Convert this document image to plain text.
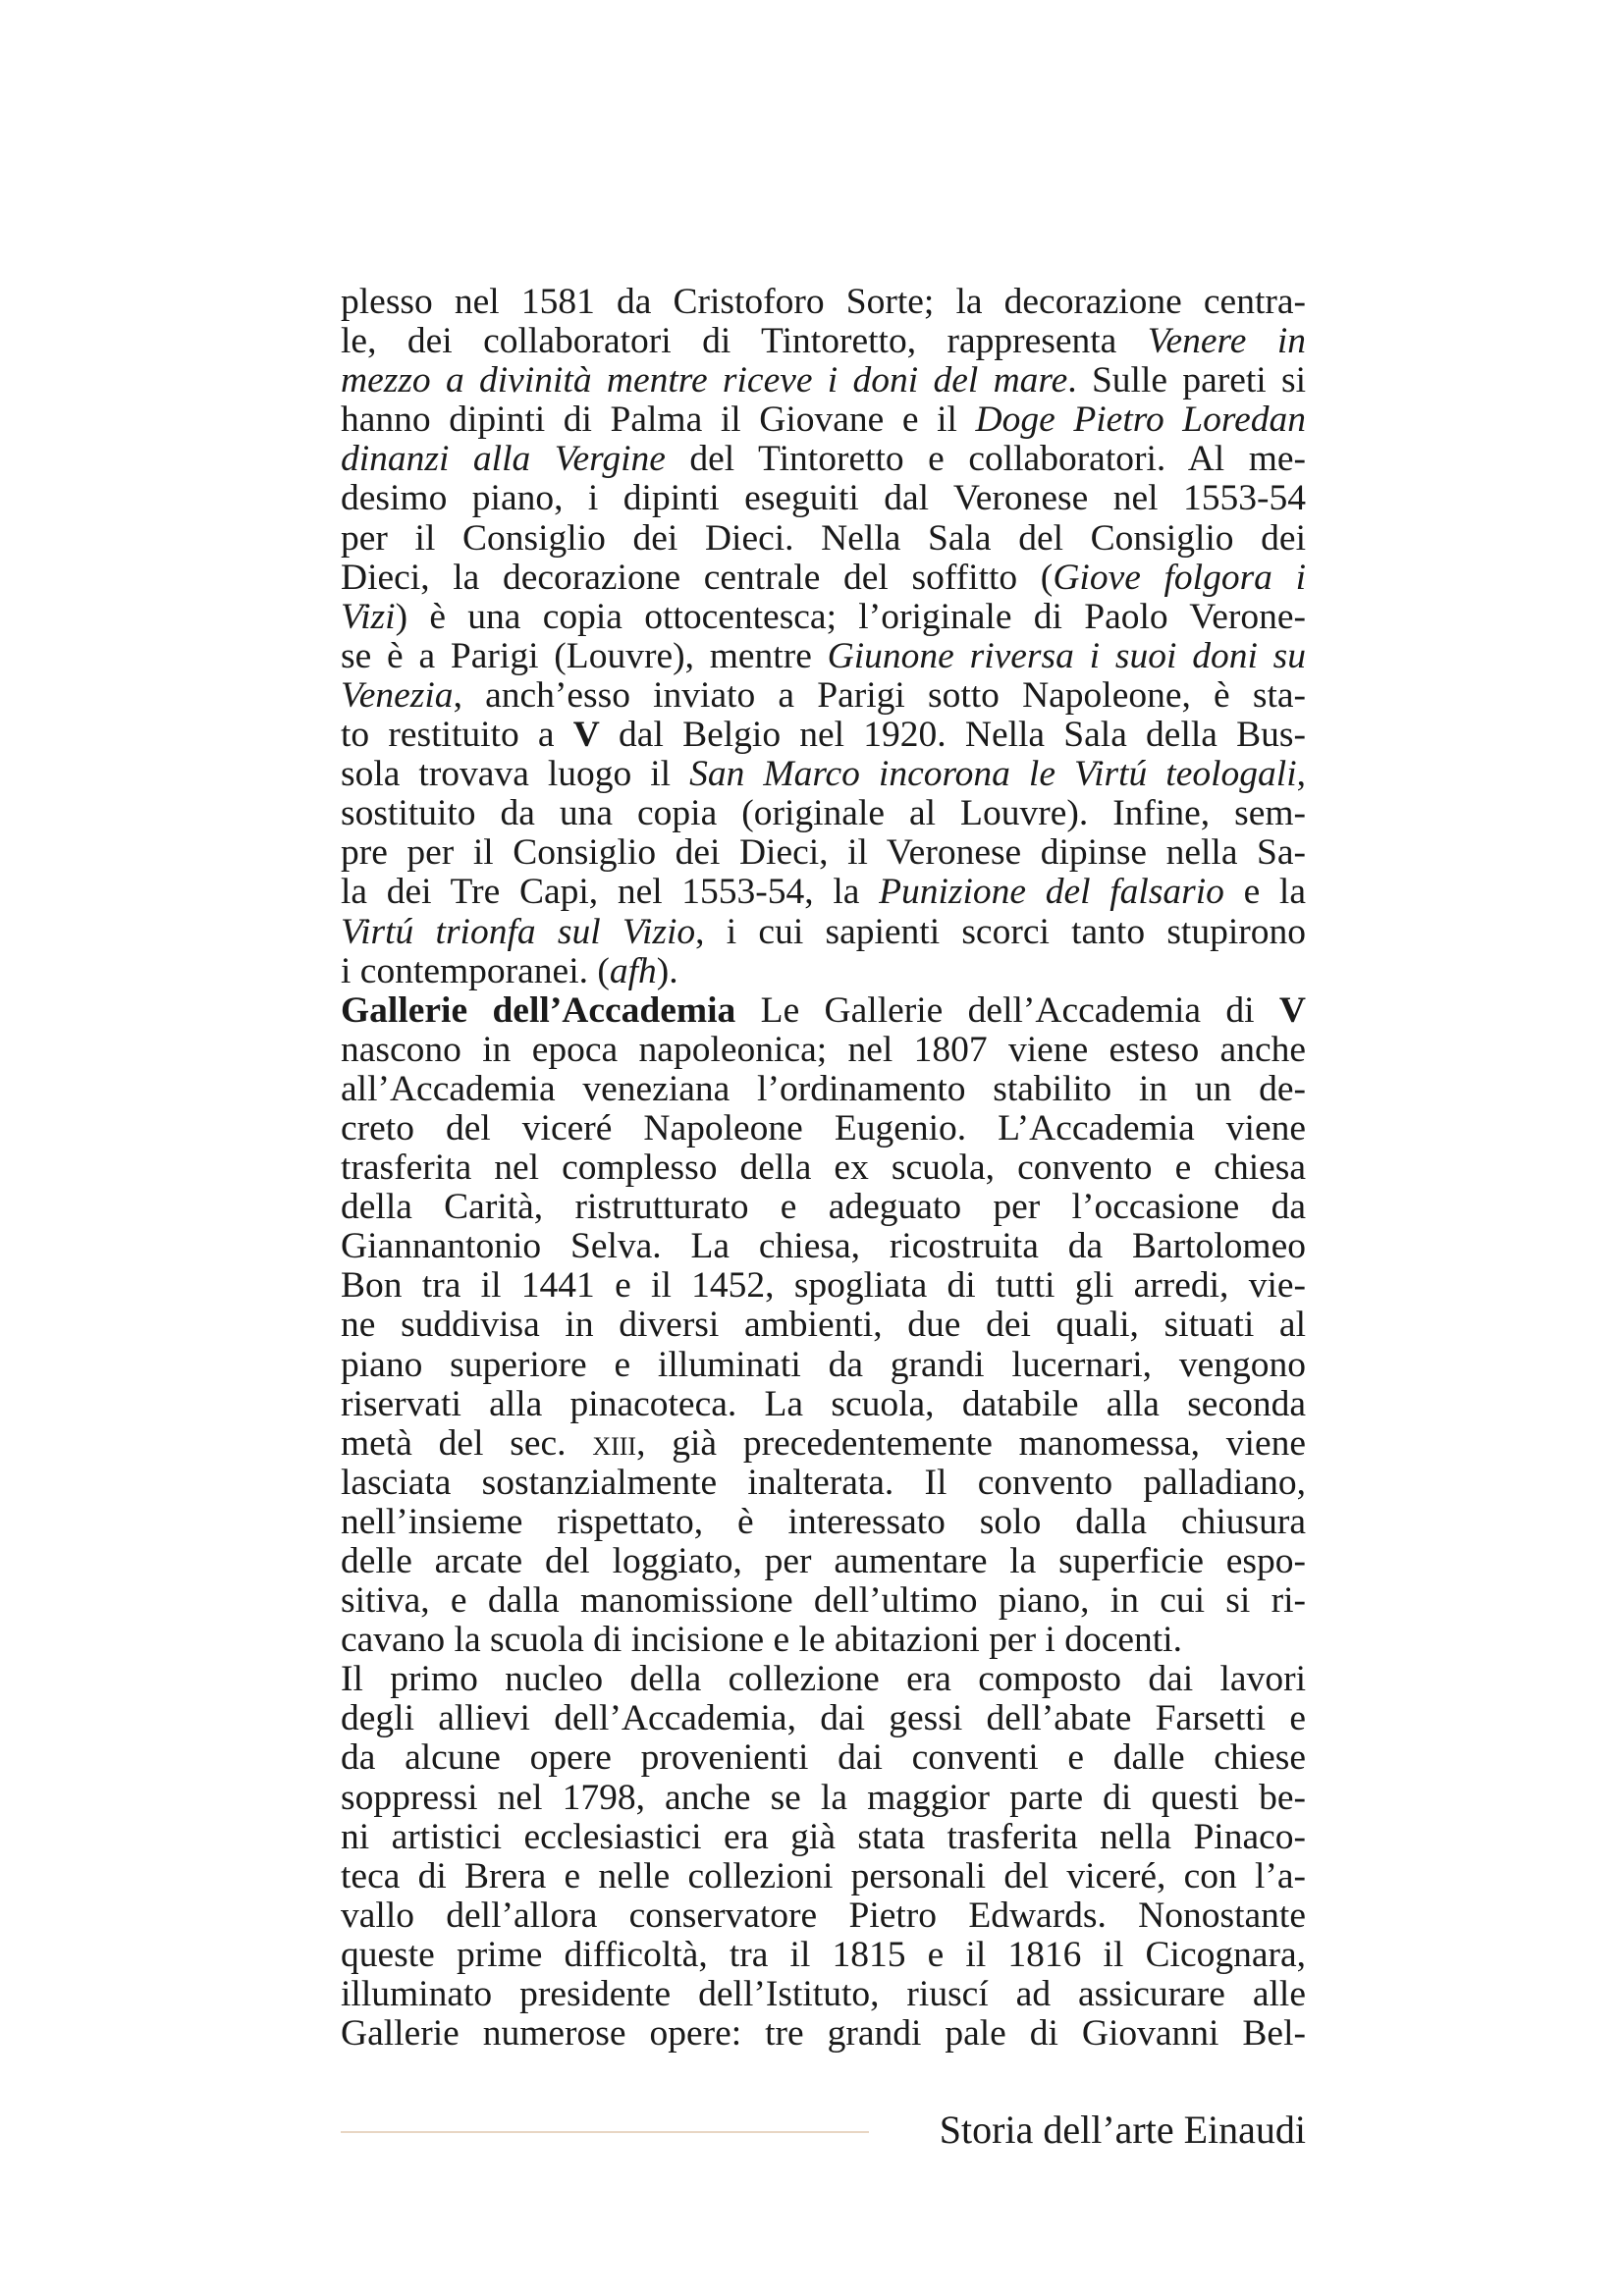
plesso nel 1581 da Cristoforo Sorte; la decorazione centra-
le, dei collaboratori di Tintoretto, rappresenta Venere in
mezzo a divinità mentre riceve i doni del mare. Sulle pareti si
hanno dipinti di Palma il Giovane e il Doge Pietro Loredan
dinanzi alla Vergine del Tintoretto e collaboratori. Al me-
desimo piano, i dipinti eseguiti dal Veronese nel 1553-54
per il Consiglio dei Dieci. Nella Sala del Consiglio dei
Dieci, la decorazione centrale del soffitto (Giove folgora i
Vizi) è una copia ottocentesca; l’originale di Paolo Verone-
se è a Parigi (Louvre), mentre Giunone riversa i suoi doni su
Venezia, anch’esso inviato a Parigi sotto Napoleone, è sta-
to restituito a V dal Belgio nel 1920. Nella Sala della Bus-
sola trovava luogo il San Marco incorona le Virtú teologali,
sostituito da una copia (originale al Louvre). Infine, sem-
pre per il Consiglio dei Dieci, il Veronese dipinse nella Sa-
la dei Tre Capi, nel 1553-54, la Punizione del falsario e la
Virtú trionfa sul Vizio, i cui sapienti scorci tanto stupirono
i contemporanei. (afh).
Gallerie dell’Accademia Le Gallerie dell’Accademia di V
nascono in epoca napoleonica; nel 1807 viene esteso anche
all’Accademia veneziana l’ordinamento stabilito in un de-
creto del viceré Napoleone Eugenio. L’Accademia viene
trasferita nel complesso della ex scuola, convento e chiesa
della Carità, ristrutturato e adeguato per l’occasione da
Giannantonio Selva. La chiesa, ricostruita da Bartolomeo
Bon tra il 1441 e il 1452, spogliata di tutti gli arredi, vie-
ne suddivisa in diversi ambienti, due dei quali, situati al
piano superiore e illuminati da grandi lucernari, vengono
riservati alla pinacoteca. La scuola, databile alla seconda
metà del sec. xiii, già precedentemente manomessa, viene
lasciata sostanzialmente inalterata. Il convento palladiano,
nell’insieme rispettato, è interessato solo dalla chiusura
delle arcate del loggiato, per aumentare la superficie espo-
sitiva, e dalla manomissione dell’ultimo piano, in cui si ri-
cavano la scuola di incisione e le abitazioni per i docenti.
Il primo nucleo della collezione era composto dai lavori
degli allievi dell’Accademia, dai gessi dell’abate Farsetti e
da alcune opere provenienti dai conventi e dalle chiese
soppressi nel 1798, anche se la maggior parte di questi be-
ni artistici ecclesiastici era già stata trasferita nella Pinaco-
teca di Brera e nelle collezioni personali del viceré, con l’a-
vallo dell’allora conservatore Pietro Edwards. Nonostante
queste prime difficoltà, tra il 1815 e il 1816 il Cicognara,
illuminato presidente dell’Istituto, riuscí ad assicurare alle
Gallerie numerose opere: tre grandi pale di Giovanni Bel-
Storia dell’arte Einaudi
